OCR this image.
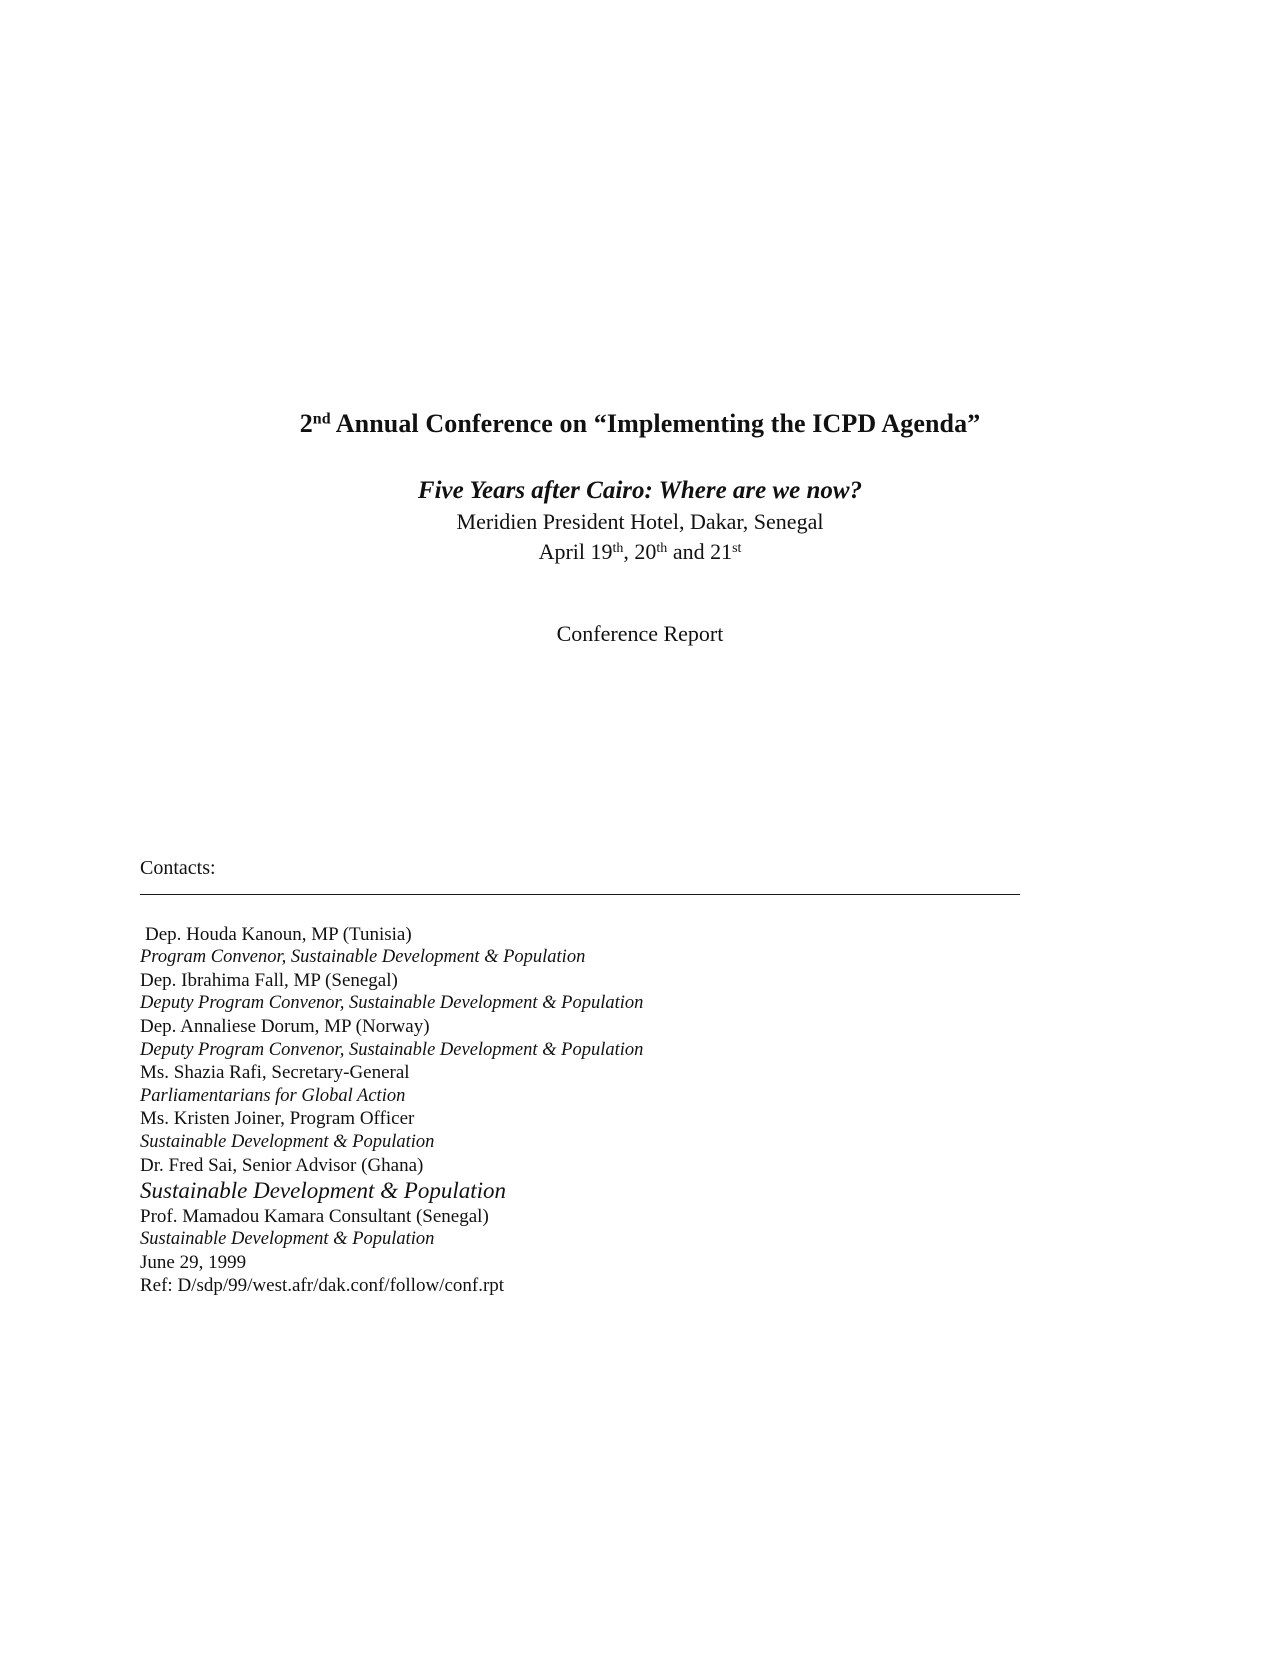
2nd Annual Conference on “Implementing the ICPD Agenda”
Five Years after Cairo: Where are we now?

Meridien President Hotel, Dakar, Senegal

April 19th, 20th and 21st

Conference Report

Contacts:

Dep. Houda Kanoun, MP (Tunisia)

Program Convenor, Sustainable Development & Population

Dep. Ibrahima Fall, MP (Senegal)

Deputy Program Convenor, Sustainable Development & Population

Dep. Annaliese Dorum, MP (Norway)

Deputy Program Convenor, Sustainable Development & Population

Ms. Shazia Rafi, Secretary-General

Parliamentarians for Global Action

Ms. Kristen Joiner, Program Officer

Sustainable Development & Population

Dr. Fred Sai, Senior Advisor (Ghana)

Sustainable Development & Population

Prof. Mamadou Kamara Consultant (Senegal)

Sustainable Development & Population

June 29, 1999

Ref: D/sdp/99/west.afr/dak.conf/follow/conf.rpt
